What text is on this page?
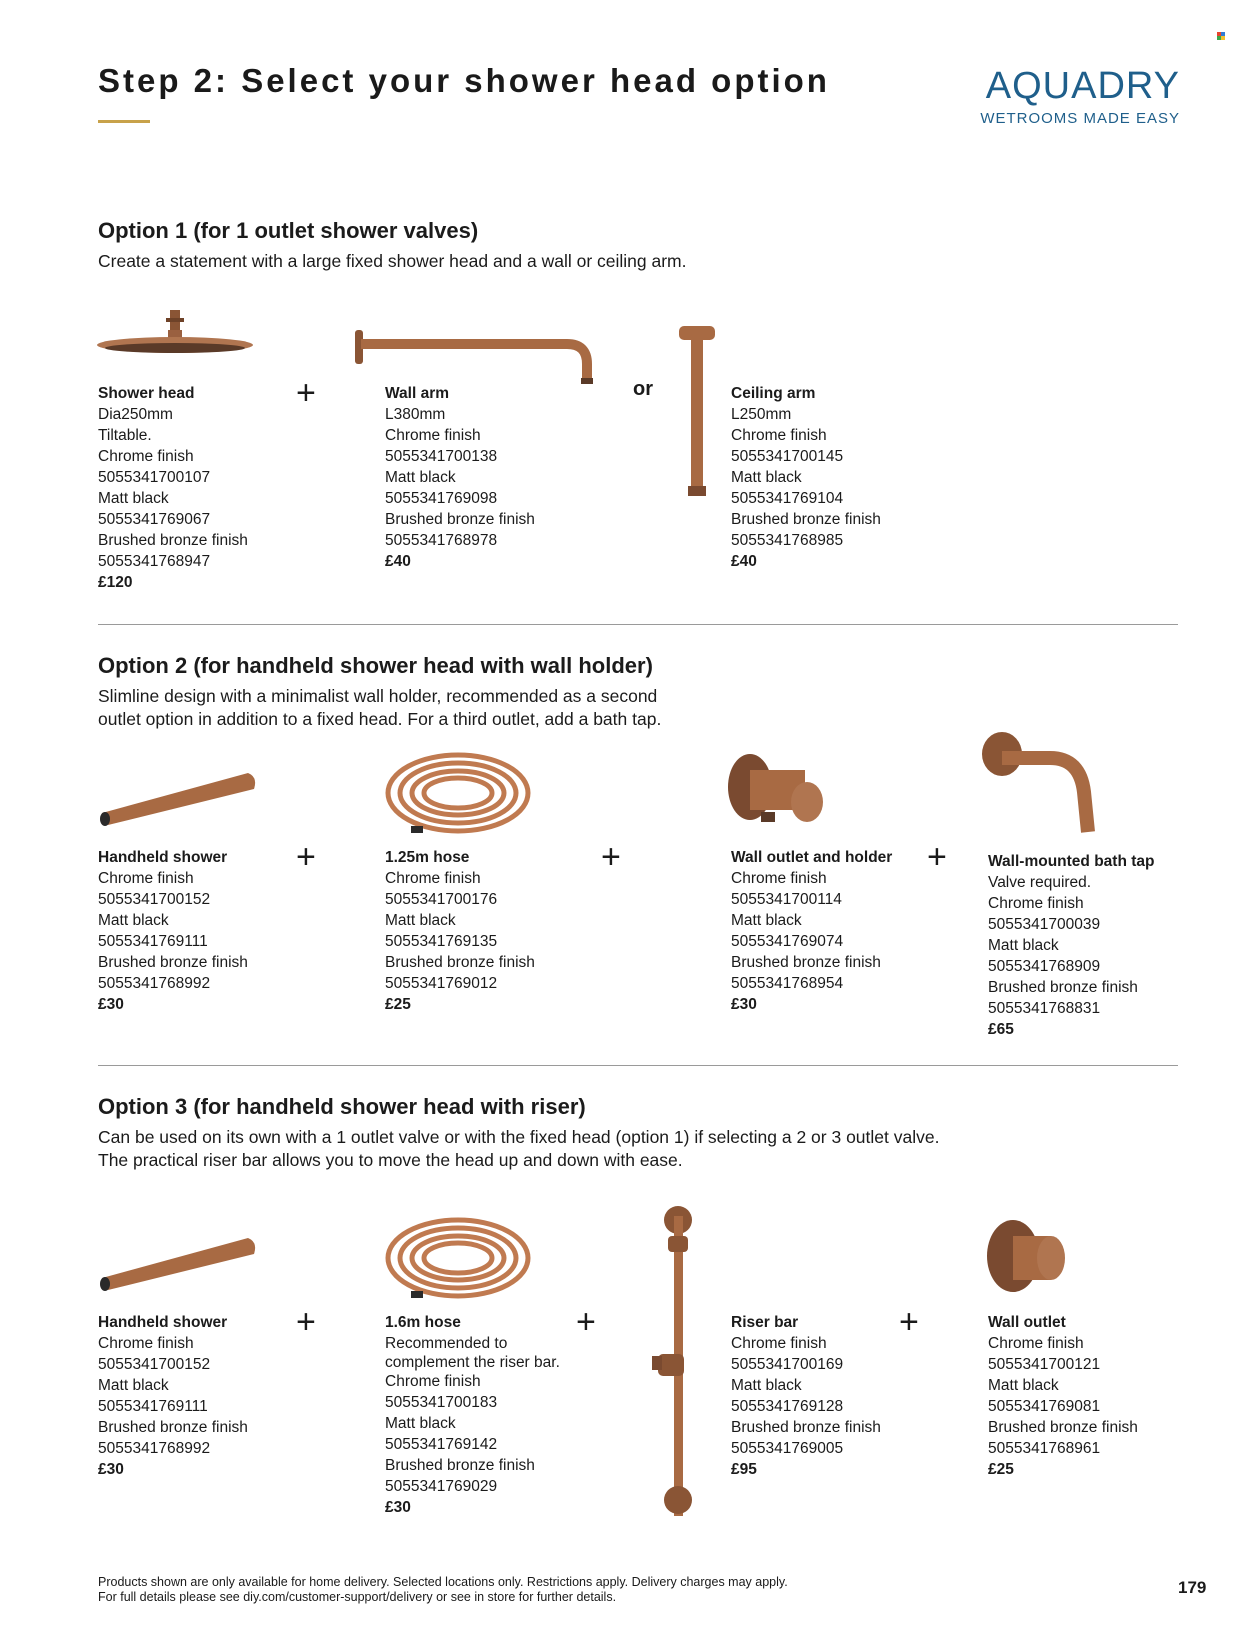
Step 2: Select your shower head option	AQUADRY
WETROOMS MADE EASY
Option 1 (for 1 outlet shower valves)
Create a statement with a large fixed shower head and a wall or ceiling arm.
Shower head
Dia250mm
Tiltable.
Chrome finish
5055341700107
Matt black
5055341769067
Brushed bronze finish
5055341768947
£120
+	Wall arm
L380mm
Chrome finish
5055341700138
Matt black
5055341769098
Brushed bronze finish
5055341768978
£40
or	Ceiling arm
L250mm
Chrome finish
5055341700145
Matt black
5055341769104
Brushed bronze finish
5055341768985
£40
Option 2 (for handheld shower head with wall holder)
Slimline design with a minimalist wall holder, recommended as a second
outlet option in addition to a fixed head. For a third outlet, add a bath tap.
Handheld shower
Chrome finish
5055341700152
Matt black
5055341769111
Brushed bronze finish
5055341768992
£30
+	1.25m hose
Chrome finish
5055341700176
Matt black
5055341769135
Brushed bronze finish
5055341769012
£25
+	Wall outlet and holder
Chrome finish
5055341700114
Matt black
5055341769074
Brushed bronze finish
5055341768954
£30
+	Wall-mounted bath tap
Valve required.
Chrome finish
5055341700039
Matt black
5055341768909
Brushed bronze finish
5055341768831
£65
Option 3 (for handheld shower head with riser)
Can be used on its own with a 1 outlet valve or with the fixed head (option 1) if selecting a 2 or 3 outlet valve.
The practical riser bar allows you to move the head up and down with ease.
Handheld shower
Chrome finish
5055341700152
Matt black
5055341769111
Brushed bronze finish
5055341768992
£30
+	1.6m hose
Recommended to
complement the riser bar.
Chrome finish
5055341700183
Matt black
5055341769142
Brushed bronze finish
5055341769029
£30
+	Riser bar
Chrome finish
5055341700169
Matt black
5055341769128
Brushed bronze finish
5055341769005
£95
+	Wall outlet
Chrome finish
5055341700121
Matt black
5055341769081
Brushed bronze finish
5055341768961
£25
Products shown are only available for home delivery. Selected locations only. Restrictions apply. Delivery charges may apply.
For full details please see diy.com/customer-support/delivery or see in store for further details.	179
